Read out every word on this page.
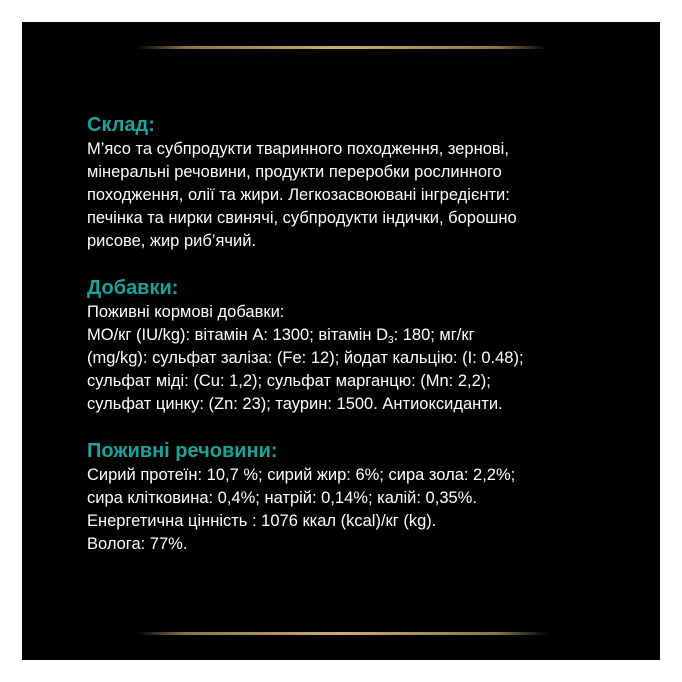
Склад:

М’ясо та субпродукти тваринного походження, зернові,

мінеральні речовини, продукти переробки рослинного

походження, олії та жири. Легкозасвоювані інгредієнти:

печінка та нирки свинячі, субпродукти індички, борошно

рисове, жир риб’ячий.

Добавки:

Поживні кормові добавки:

МО/кг (IU/kg): вітамін А: 1300; вітамін $D_3$: 180; мг/кг

(mg/kg): сульфат заліза: (Fe: 12); йодат кальцію: (I: 0.48);

сульфат міді: (Cu: 1,2); сульфат марганцю: (Mn: 2,2);

сульфат цинку: (Zn: 23); таурин: 1500. Антиоксиданти.

Поживні речовини:

Сирий протеїн: 10,7 %; сирий жир: 6%; сира зола: 2,2%;

сира клітковина: 0,4%; натрій: 0,14%; калій: 0,35%.

Енергетична цінність : 1076 ккал (kcal)/кг (kg).

Волога: 77%.
